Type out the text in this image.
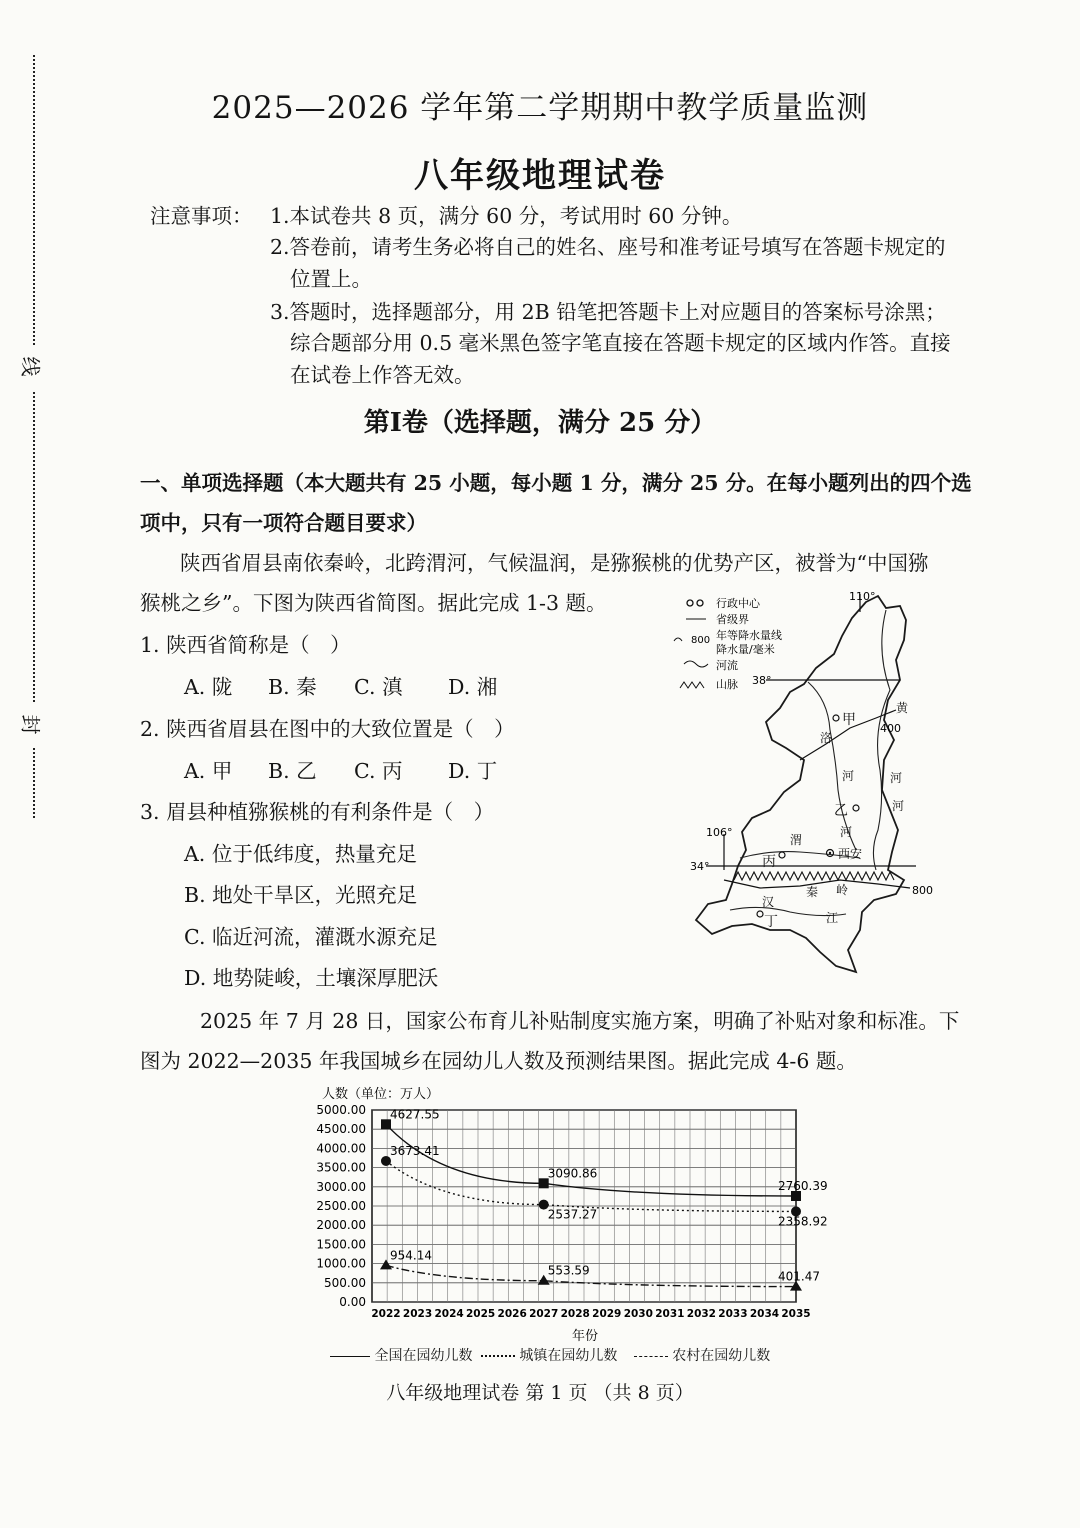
线
封
2025—2026 学年第二学期期中教学质量监测
八年级地理试卷
注意事项： 1.本试卷共 8 页，满分 60 分，考试用时 60 分钟。
2.答卷前，请考生务必将自己的姓名、座号和准考证号填写在答题卡规定的
位置上。
3.答题时，选择题部分，用 2B 铅笔把答题卡上对应题目的答案标号涂黑；
综合题部分用 0.5 毫米黑色签字笔直接在答题卡规定的区域内作答。直接
在试卷上作答无效。
第Ⅰ卷（选择题，满分 25 分）
一、单项选择题（本大题共有 25 小题，每小题 1 分，满分 25 分。在每小题列出的四个选
项中，只有一项符合题目要求）
陕西省眉县南依秦岭，北跨渭河，气候温润，是猕猴桃的优势产区，被誉为“中国猕
猴桃之乡”。下图为陕西省简图。据此完成 1-3 题。
1. 陕西省简称是（　）
A. 陇 B. 秦 C. 滇 D. 湘
2. 陕西省眉县在图中的大致位置是（　）
A. 甲 B. 乙 C. 丙 D. 丁
3. 眉县种植猕猴桃的有利条件是（　）
A. 位于低纬度，热量充足
B. 地处干旱区，光照充足
C. 临近河流，灌溉水源充足
D. 地势陡峻，土壤深厚肥沃
行政中心
省级界
800 年等降水量线
降水量/毫米
河流
山脉
110°
38°
34°
106°
400
800
甲
乙
丙	西安
丁
洛
河
黄
河
河
渭
河
汉
江
秦 岭
2025 年 7 月 28 日，国家公布育儿补贴制度实施方案，明确了补贴对象和标准。下
图为 2022—2035 年我国城乡在园幼儿人数及预测结果图。据此完成 4-6 题。
人数（单位：万人）
4627.55
3090.86
2760.39
3673.41
2537.27	2358.92
954.14
553.59	401.47
0.00
500.00
1000.00
1500.00
2000.00
2500.00
3000.00
3500.00
4000.00
4500.00
5000.00
2022 2023 2024 2025 2026 2027 2028 2029 2030 2031 2032 2033 2034 2035
年份
全国在园幼儿数	城镇在园幼儿数	农村在园幼儿数
八年级地理试卷 第 1 页 （共 8 页）
